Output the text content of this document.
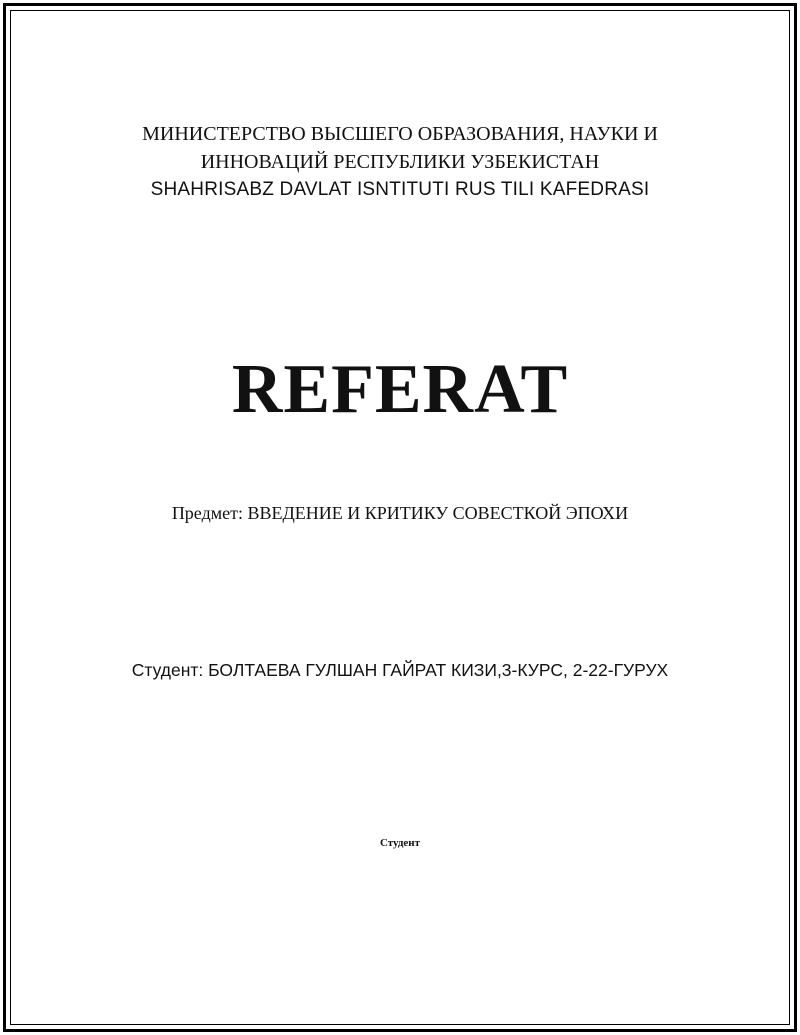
МИНИСТЕРСТВО ВЫСШЕГО ОБРАЗОВАНИЯ, НАУКИ И
ИННОВАЦИЙ РЕСПУБЛИКИ УЗБЕКИСТАН
SHAHRISABZ DAVLAT ISNTITUTI RUS TILI KAFEDRASI
REFERAT
Предмет: ВВЕДЕНИЕ И КРИТИКУ СОВЕСТКОЙ ЭПОХИ
Студент: БОЛТАЕВА ГУЛШАН ГАЙРАТ КИЗИ,3-КУРС, 2-22-ГУРУХ
Студент
